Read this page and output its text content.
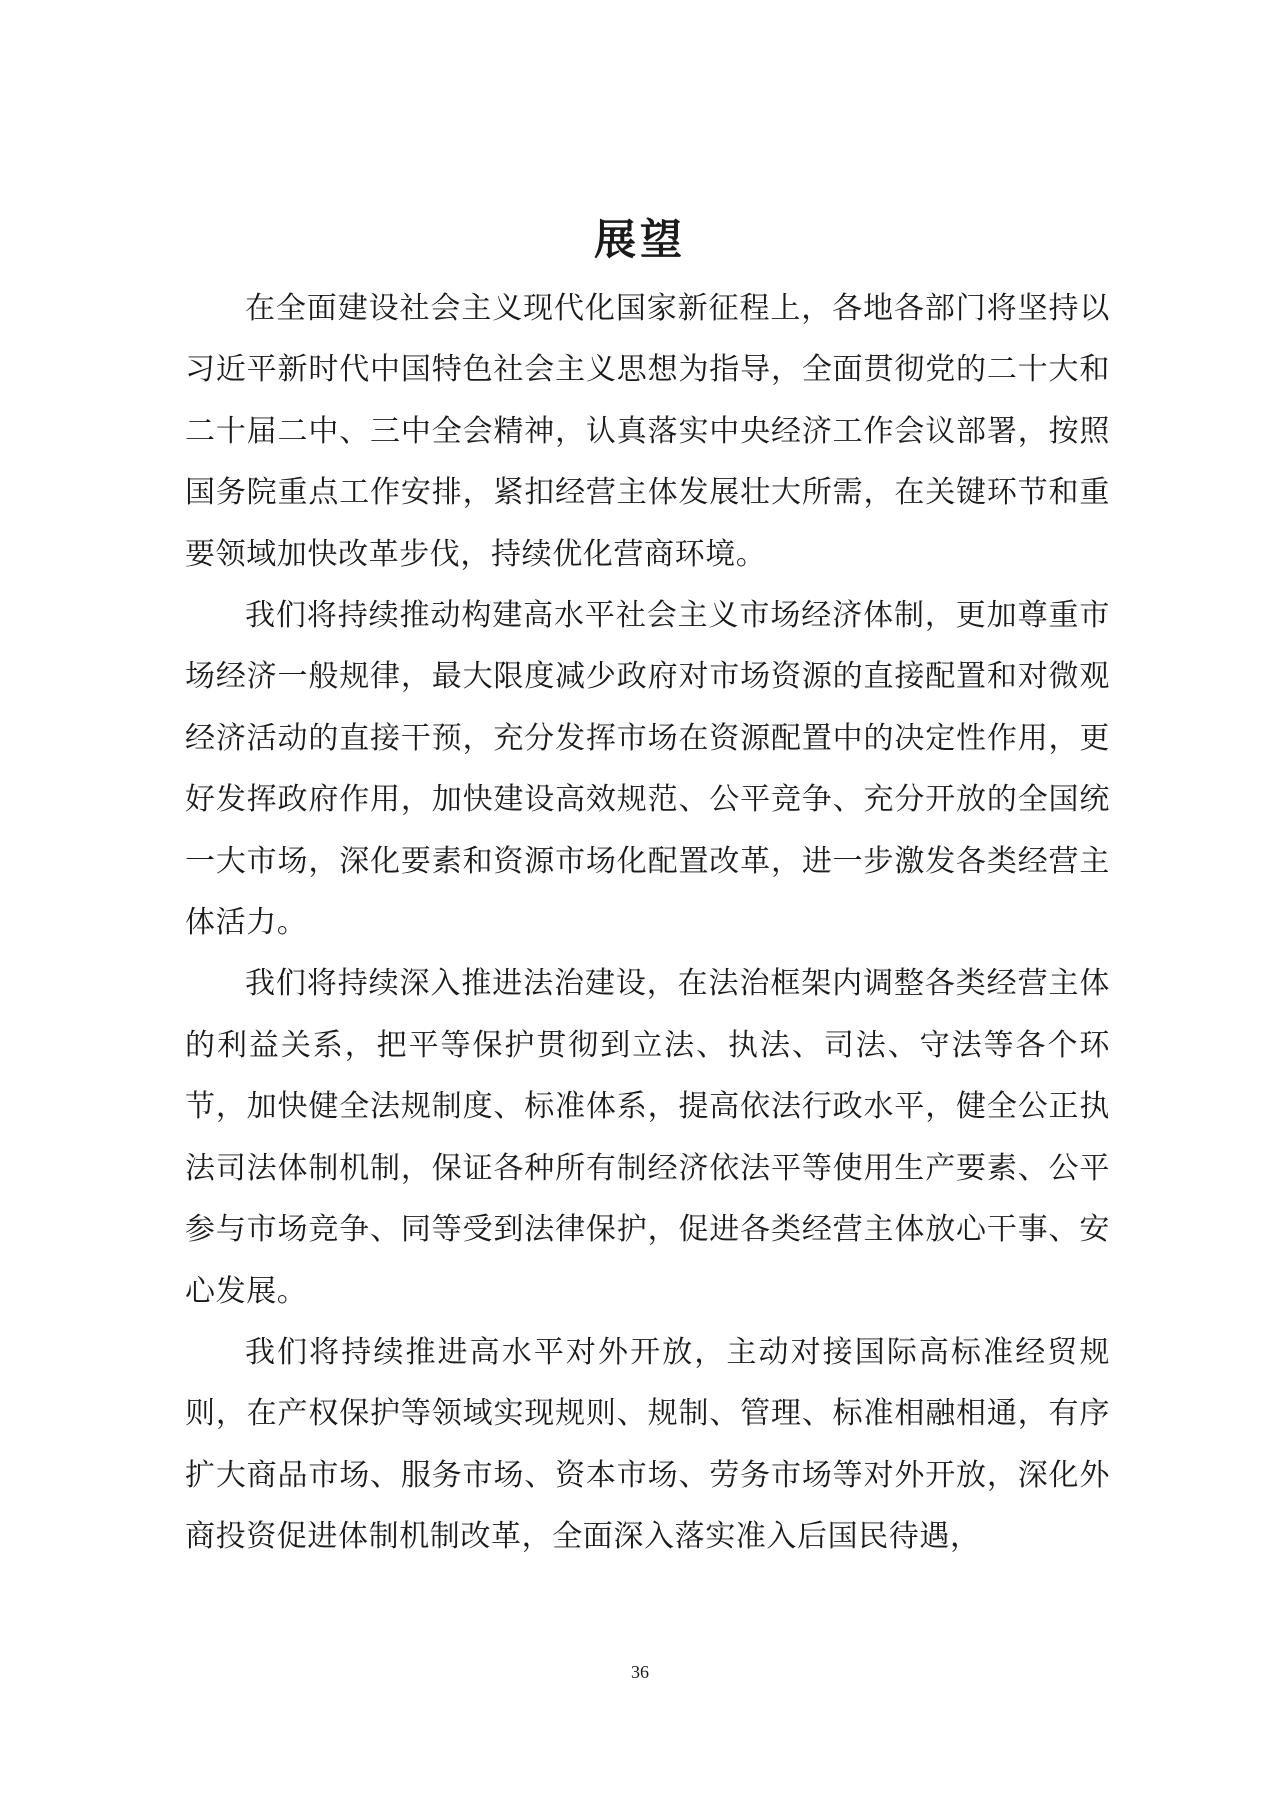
展望

在全面建设社会主义现代化国家新征程上，各地各部门将坚持以习近平新时代中国特色社会主义思想为指导，全面贯彻党的二十大和二十届二中、三中全会精神，认真落实中央经济工作会议部署，按照国务院重点工作安排，紧扣经营主体发展壮大所需，在关键环节和重要领域加快改革步伐，持续优化营商环境。

我们将持续推动构建高水平社会主义市场经济体制，更加尊重市场经济一般规律，最大限度减少政府对市场资源的直接配置和对微观经济活动的直接干预，充分发挥市场在资源配置中的决定性作用，更好发挥政府作用，加快建设高效规范、公平竞争、充分开放的全国统一大市场，深化要素和资源市场化配置改革，进一步激发各类经营主体活力。

我们将持续深入推进法治建设，在法治框架内调整各类经营主体的利益关系，把平等保护贯彻到立法、执法、司法、守法等各个环节，加快健全法规制度、标准体系，提高依法行政水平，健全公正执法司法体制机制，保证各种所有制经济依法平等使用生产要素、公平参与市场竞争、同等受到法律保护，促进各类经营主体放心干事、安心发展。

我们将持续推进高水平对外开放，主动对接国际高标准经贸规则，在产权保护等领域实现规则、规制、管理、标准相融相通，有序扩大商品市场、服务市场、资本市场、劳务市场等对外开放，深化外商投资促进体制机制改革，全面深入落实准入后国民待遇，

36
